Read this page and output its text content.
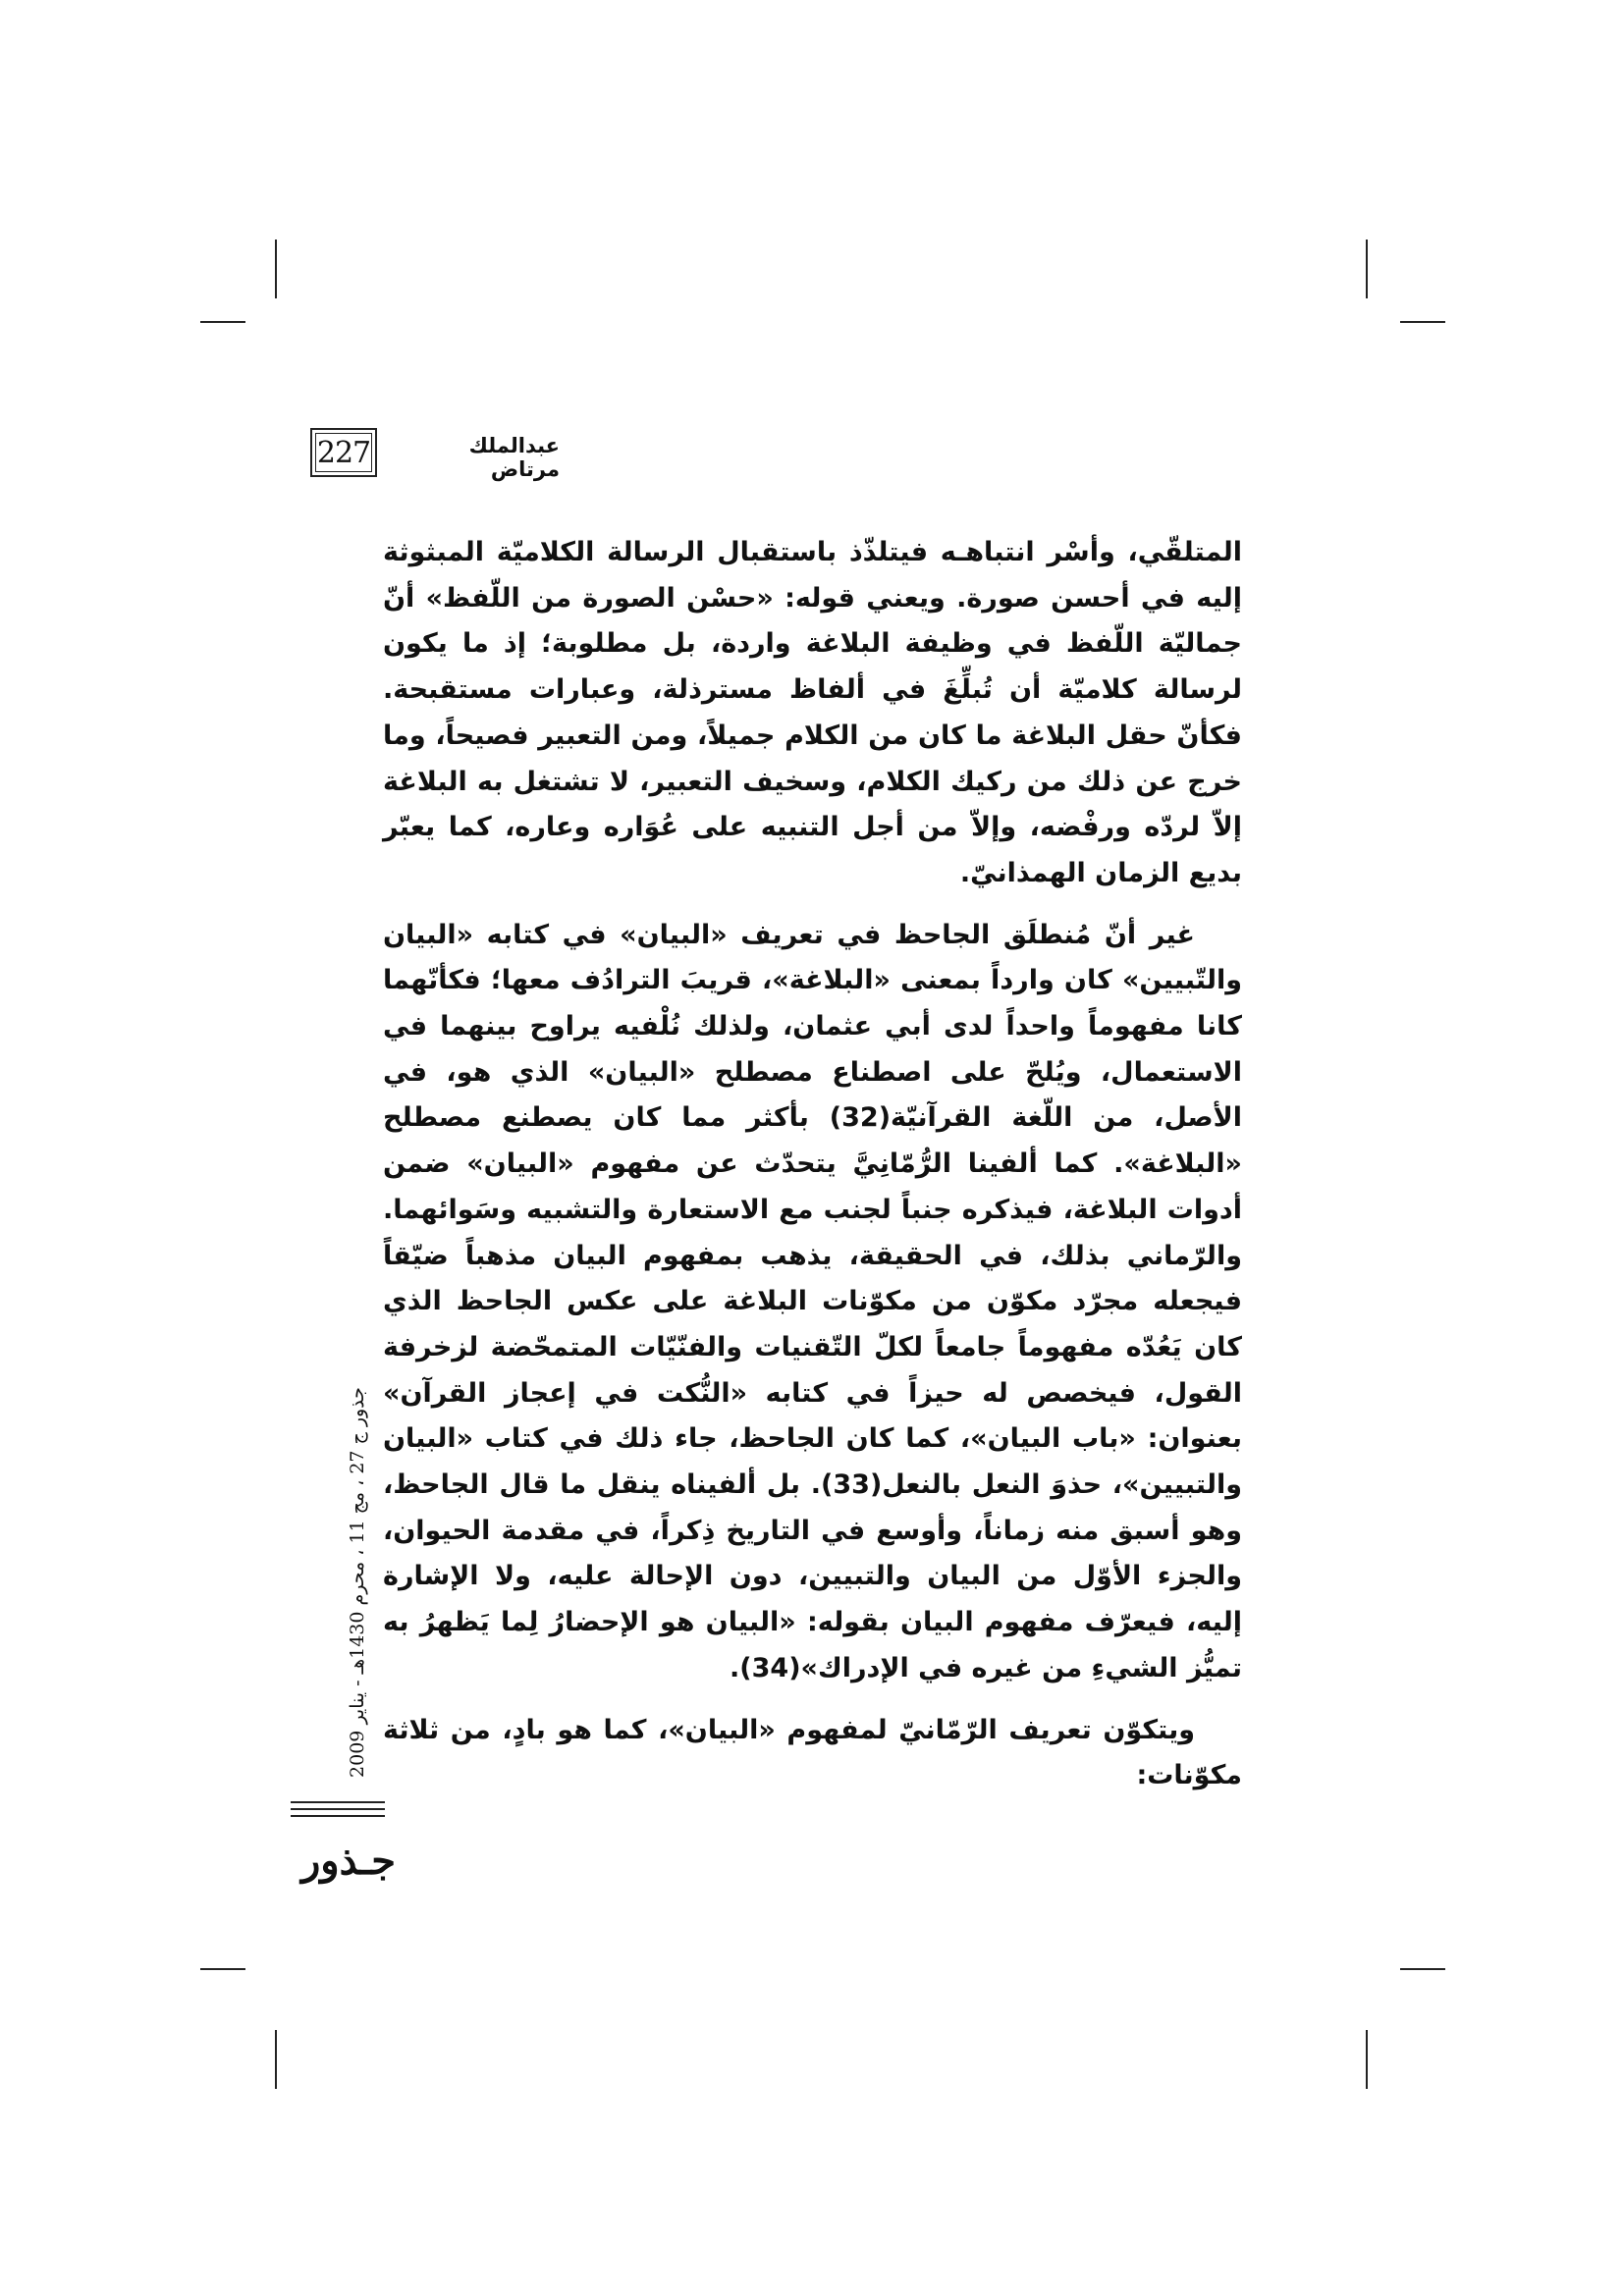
227	عبدالملك مرتاض

المتلقّي، وأسْر انتباهـه فيتلذّذ باستقبال الرسالة الكلاميّة المبثوثة إليه في أحسن صورة. ويعني قوله: «حسْن الصورة من اللّفظ» أنّ جماليّة اللّفظ في وظيفة البلاغة واردة، بل مطلوبة؛ إذ ما يكون لرسالة كلاميّة أن تُبلِّغَ في ألفاظ مسترذلة، وعبارات مستقبحة. فكأنّ حقل البلاغة ما كان من الكلام جميلاً، ومن التعبير فصيحاً، وما خرج عن ذلك من ركيك الكلام، وسخيف التعبير، لا تشتغل به البلاغة إلاّ لردّه ورفْضه، وإلاّ من أجل التنبيه على عُوَاره وعاره، كما يعبّر بديع الزمان الهمذانيّ.

غير أنّ مُنطلَق الجاحظ في تعريف «البيان» في كتابه «البيان والتّبيين» كان وارداً بمعنى «البلاغة»، قريبَ الترادُف معها؛ فكأنّهما كانا مفهوماً واحداً لدى أبي عثمان، ولذلك نُلْفيه يراوح بينهما في الاستعمال، ويُلحّ على اصطناع مصطلح «البيان» الذي هو، في الأصل، من اللّغة القرآنيّة(32) بأكثر مما كان يصطنع مصطلح «البلاغة». كما ألفينا الرُّمّانِيَّ يتحدّث عن مفهوم «البيان» ضمن أدوات البلاغة، فيذكره جنباً لجنب مع الاستعارة والتشبيه وسَوائهما. والرّماني بذلك، في الحقيقة، يذهب بمفهوم البيان مذهباً ضيّقاً فيجعله مجرّد مكوّن من مكوّنات البلاغة على عكس الجاحظ الذي كان يَعُدّه مفهوماً جامعاً لكلّ التّقنيات والفنّيّات المتمحّضة لزخرفة القول، فيخصص له حيزاً في كتابه «النُّكت في إعجاز القرآن» بعنوان: «باب البيان»، كما كان الجاحظ، جاء ذلك في كتاب «البيان والتبيين»، حذوَ النعل بالنعل(33). بل ألفيناه ينقل ما قال الجاحظ، وهو أسبق منه زماناً، وأوسع في التاريخ ذِكراً، في مقدمة الحيوان، والجزء الأوّل من البيان والتبيين، دون الإحالة عليه، ولا الإشارة إليه، فيعرّف مفهوم البيان بقوله: «البيان هو الإحضارُ لِما يَظهرُ به تميُّز الشيءِ من غيره في الإدراك»(34).

ويتكوّن تعريف الرّمّانيّ لمفهوم «البيان»، كما هو بادٍ، من ثلاثة مكوّنات:

جذور ج 27 ، مج 11 ، محرم 1430هـ - يناير 2009
جـذور
